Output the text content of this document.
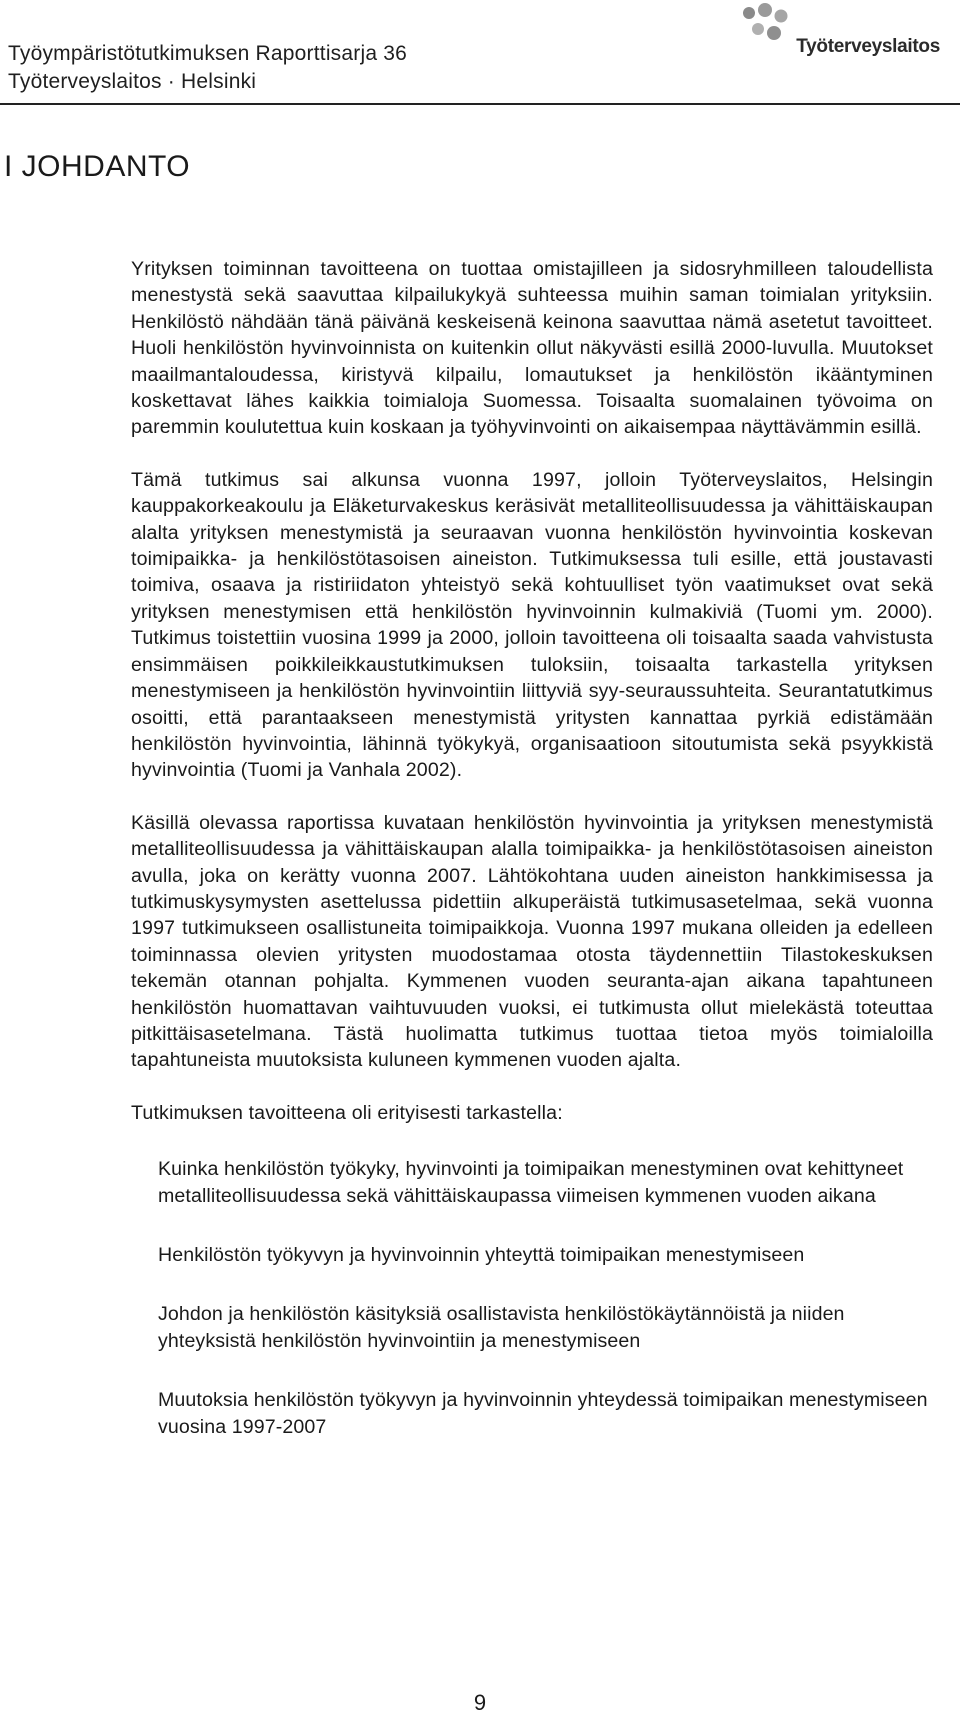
Työympäristötutkimuksen Raporttisarja 36
Työterveyslaitos · Helsinki
Työterveyslaitos
I JOHDANTO

Yrityksen toiminnan tavoitteena on tuottaa omistajilleen ja sidosryhmilleen taloudellista menestystä sekä saavuttaa kilpailukykyä suhteessa muihin saman toimialan yrityksiin. Henkilöstö nähdään tänä päivänä keskeisenä keinona saavuttaa nämä asetetut tavoitteet. Huoli henkilöstön hyvinvoinnista on kuitenkin ollut näkyvästi esillä 2000-luvulla. Muutokset maailmantaloudessa, kiristyvä kilpailu, lomautukset ja henkilöstön ikääntyminen koskettavat lähes kaikkia toimialoja Suomessa. Toisaalta suomalainen työvoima on paremmin koulutettua kuin koskaan ja työhyvinvointi on aikaisempaa näyttävämmin esillä.

Tämä tutkimus sai alkunsa vuonna 1997, jolloin Työterveyslaitos, Helsingin kauppakorkeakoulu ja Eläketurvakeskus keräsivät metalliteollisuudessa ja vähittäiskaupan alalta yrityksen menestymistä ja seuraavan vuonna henkilöstön hyvinvointia koskevan toimipaikka- ja henkilöstötasoisen aineiston. Tutkimuksessa tuli esille, että joustavasti toimiva, osaava ja ristiriidaton yhteistyö sekä kohtuulliset työn vaatimukset ovat sekä yrityksen menestymisen että henkilöstön hyvinvoinnin kulmakiviä (Tuomi ym. 2000). Tutkimus toistettiin vuosina 1999 ja 2000, jolloin tavoitteena oli toisaalta saada vahvistusta ensimmäisen poikkileikkaustutkimuksen tuloksiin, toisaalta tarkastella yrityksen menestymiseen ja henkilöstön hyvinvointiin liittyviä syy-seuraussuhteita. Seurantatutkimus osoitti, että parantaakseen menestymistä yritysten kannattaa pyrkiä edistämään henkilöstön hyvinvointia, lähinnä työkykyä, organisaatioon sitoutumista sekä psyykkistä hyvinvointia (Tuomi ja Vanhala 2002).

Käsillä olevassa raportissa kuvataan henkilöstön hyvinvointia ja yrityksen menestymistä metalliteollisuudessa ja vähittäiskaupan alalla toimipaikka- ja henkilöstötasoisen aineiston avulla, joka on kerätty vuonna 2007. Lähtökohtana uuden aineiston hankkimisessa ja tutkimuskysymysten asettelussa pidettiin alkuperäistä tutkimusasetelmaa, sekä vuonna 1997 tutkimukseen osallistuneita toimipaikkoja. Vuonna 1997 mukana olleiden ja edelleen toiminnassa olevien yritysten muodostamaa otosta täydennettiin Tilastokeskuksen tekemän otannan pohjalta. Kymmenen vuoden seuranta-ajan aikana tapahtuneen henkilöstön huomattavan vaihtuvuuden vuoksi, ei tutkimusta ollut mielekästä toteuttaa pitkittäisasetelmana. Tästä huolimatta tutkimus tuottaa tietoa myös toimialoilla tapahtuneista muutoksista kuluneen kymmenen vuoden ajalta.

Tutkimuksen tavoitteena oli erityisesti tarkastella:

Kuinka henkilöstön työkyky, hyvinvointi ja toimipaikan menestyminen ovat kehittyneet metalliteollisuudessa sekä vähittäiskaupassa viimeisen kymmenen vuoden aikana
Henkilöstön työkyvyn ja hyvinvoinnin yhteyttä toimipaikan menestymiseen
Johdon ja henkilöstön käsityksiä osallistavista henkilöstökäytännöistä ja niiden yhteyksistä henkilöstön hyvinvointiin ja menestymiseen
Muutoksia henkilöstön työkyvyn ja hyvinvoinnin yhteydessä toimipaikan menestymiseen vuosina 1997-2007
9
